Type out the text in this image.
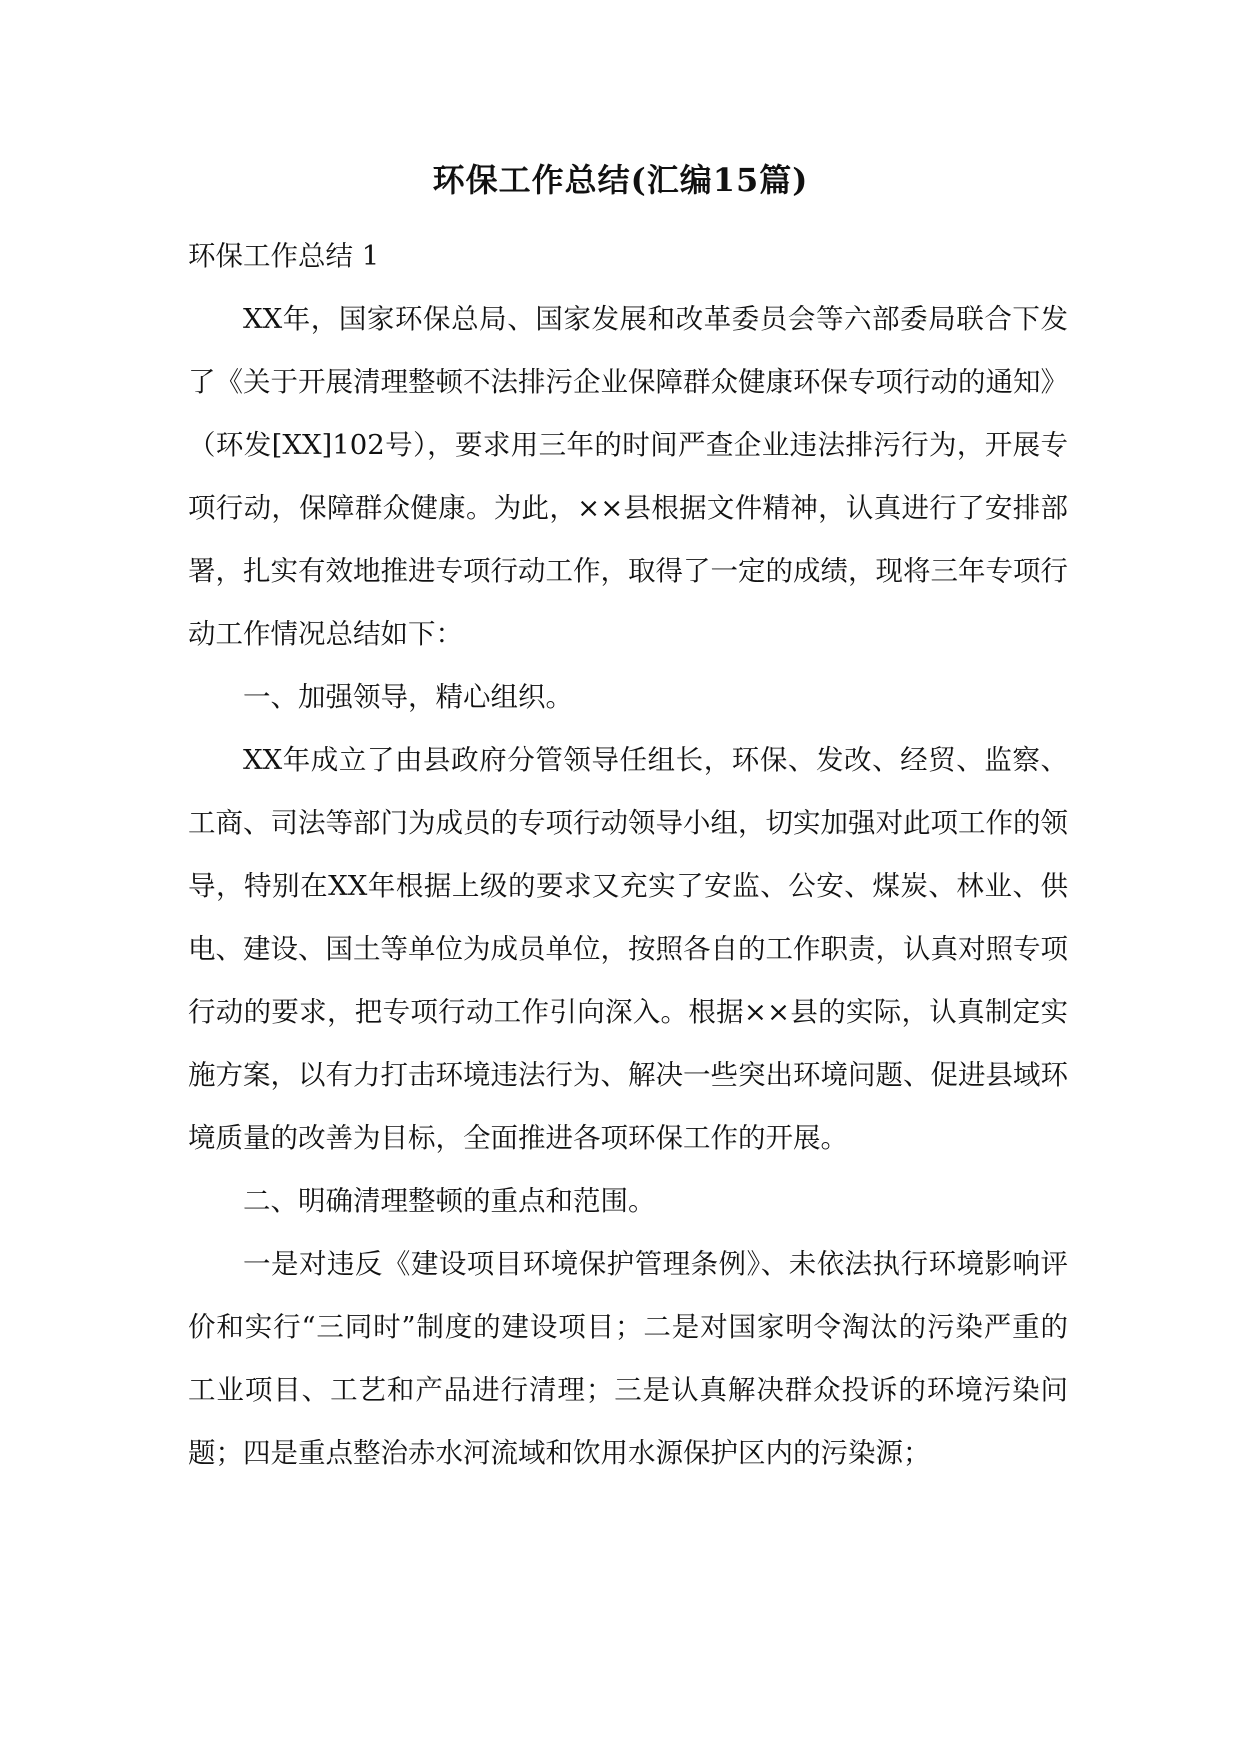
环保工作总结(汇编15篇)

环保工作总结 1

XX年，国家环保总局、国家发展和改革委员会等六部委局联合下发了《关于开展清理整顿不法排污企业保障群众健康环保专项行动的通知》（环发[XX]102号），要求用三年的时间严查企业违法排污行为，开展专项行动，保障群众健康。为此，××县根据文件精神，认真进行了安排部署，扎实有效地推进专项行动工作，取得了一定的成绩，现将三年专项行动工作情况总结如下：

一、加强领导，精心组织。

XX年成立了由县政府分管领导任组长，环保、发改、经贸、监察、工商、司法等部门为成员的专项行动领导小组，切实加强对此项工作的领导，特别在XX年根据上级的要求又充实了安监、公安、煤炭、林业、供电、建设、国土等单位为成员单位，按照各自的工作职责，认真对照专项行动的要求，把专项行动工作引向深入。根据××县的实际，认真制定实施方案，以有力打击环境违法行为、解决一些突出环境问题、促进县域环境质量的改善为目标，全面推进各项环保工作的开展。

二、明确清理整顿的重点和范围。

一是对违反《建设项目环境保护管理条例》、未依法执行环境影响评价和实行“三同时”制度的建设项目；二是对国家明令淘汰的污染严重的工业项目、工艺和产品进行清理；三是认真解决群众投诉的环境污染问题；四是重点整治赤水河流域和饮用水源保护区内的污染源；
